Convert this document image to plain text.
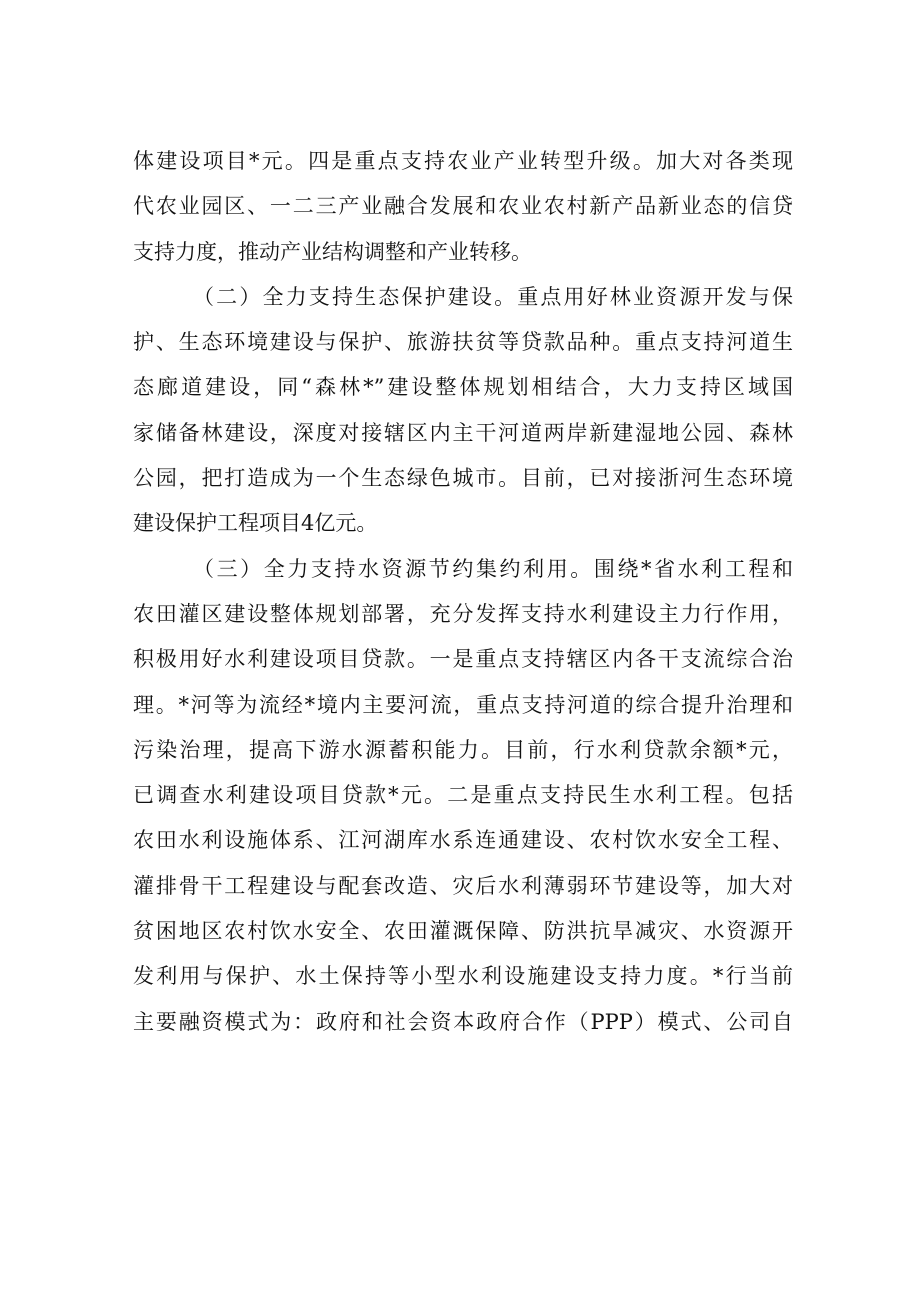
体建设项目*元。四是重点支持农业产业转型升级。加大对各类现
代农业园区、一二三产业融合发展和农业农村新产品新业态的信贷
支持力度，推动产业结构调整和产业转移。
（二）全力支持生态保护建设。重点用好林业资源开发与保
护、生态环境建设与保护、旅游扶贫等贷款品种。重点支持河道生
态廊道建设，同“森林*”建设整体规划相结合，大力支持区域国
家储备林建设，深度对接辖区内主干河道两岸新建湿地公园、森林
公园，把打造成为一个生态绿色城市。目前，已对接浙河生态环境
建设保护工程项目4亿元。
（三）全力支持水资源节约集约利用。围绕*省水利工程和
农田灌区建设整体规划部署，充分发挥支持水利建设主力行作用，
积极用好水利建设项目贷款。一是重点支持辖区内各干支流综合治
理。*河等为流经*境内主要河流，重点支持河道的综合提升治理和
污染治理，提高下游水源蓄积能力。目前，行水利贷款余额*元，
已调查水利建设项目贷款*元。二是重点支持民生水利工程。包括
农田水利设施体系、江河湖库水系连通建设、农村饮水安全工程、
灌排骨干工程建设与配套改造、灾后水利薄弱环节建设等，加大对
贫困地区农村饮水安全、农田灌溉保障、防洪抗旱减灾、水资源开
发利用与保护、水土保持等小型水利设施建设支持力度。*行当前
主要融资模式为：政府和社会资本政府合作（PPP）模式、公司自
